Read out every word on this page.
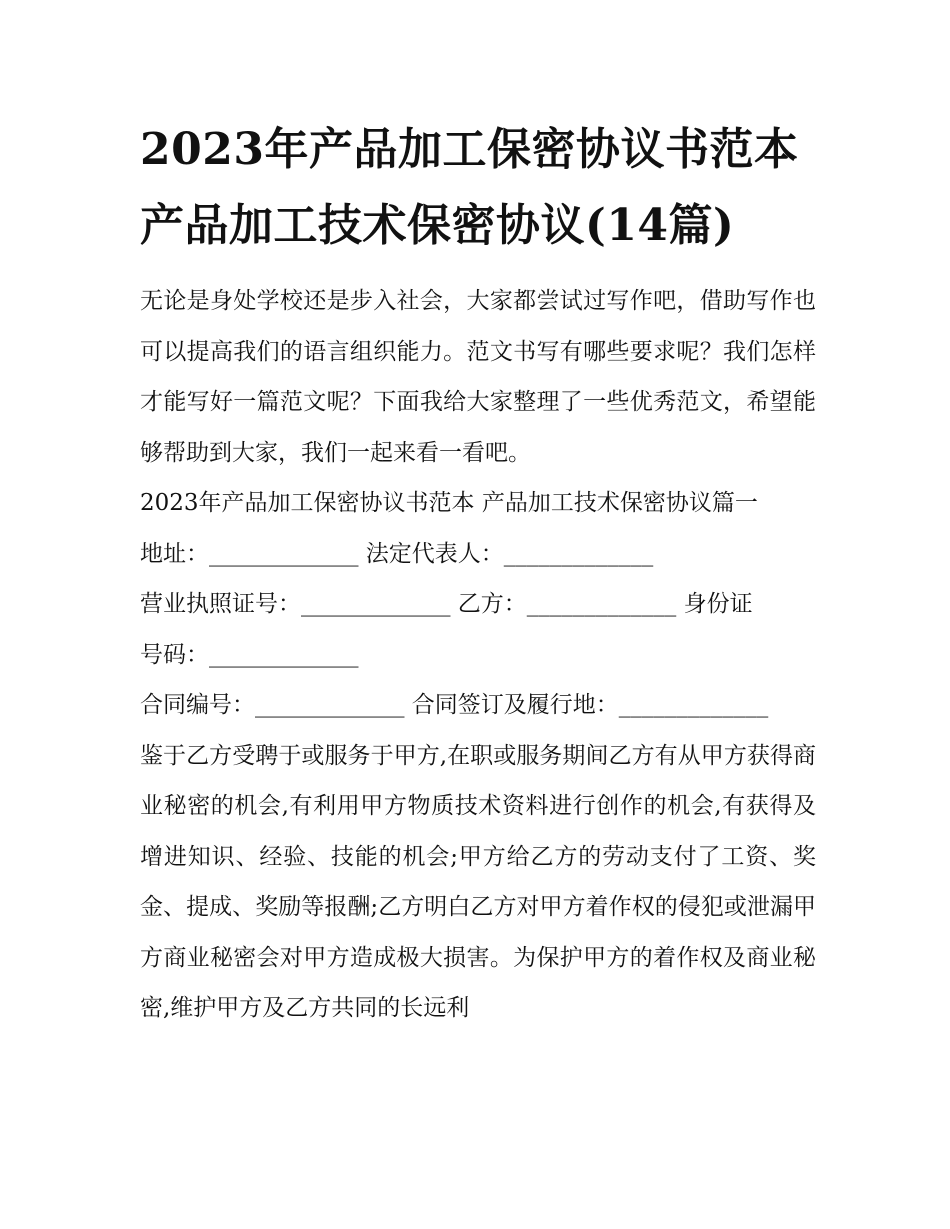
2023年产品加工保密协议书范本 产品加工技术保密协议(14篇)

无论是身处学校还是步入社会，大家都尝试过写作吧，借助写作也可以提高我们的语言组织能力。范文书写有哪些要求呢？我们怎样才能写好一篇范文呢？下面我给大家整理了一些优秀范文，希望能够帮助到大家，我们一起来看一看吧。

2023年产品加工保密协议书范本 产品加工技术保密协议篇一
地址：_____________ 法定代表人：_____________
营业执照证号：_____________ 乙方：_____________ 身份证
号码：_____________
合同编号：_____________ 合同签订及履行地：_____________

鉴于乙方受聘于或服务于甲方,在职或服务期间乙方有从甲方获得商业秘密的机会,有利用甲方物质技术资料进行创作的机会,有获得及增进知识、经验、技能的机会;甲方给乙方的劳动支付了工资、奖金、提成、奖励等报酬;乙方明白乙方对甲方着作权的侵犯或泄漏甲方商业秘密会对甲方造成极大损害。为保护甲方的着作权及商业秘密,维护甲方及乙方共同的长远利
